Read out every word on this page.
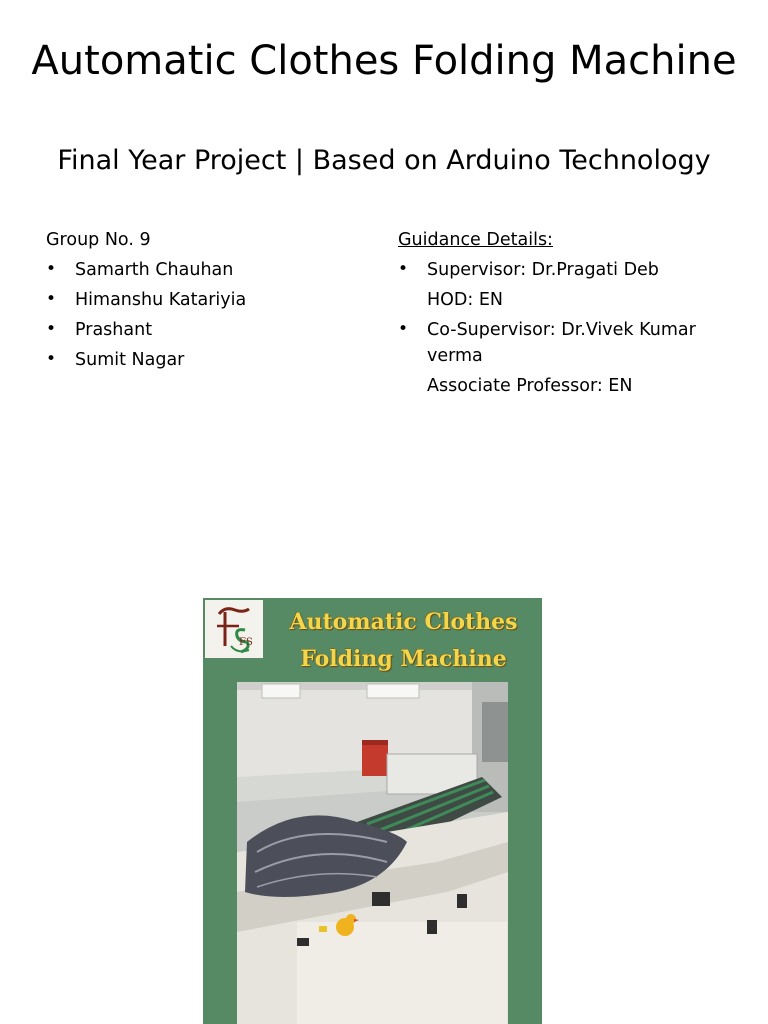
Automatic Clothes Folding Machine
Final Year Project | Based on Arduino Technology
Group No. 9
• Samarth Chauhan
• Himanshu Katariyia
• Prashant
• Sumit Nagar
Guidance Details:
• Supervisor: Dr.Pragati Deb
HOD: EN
• Co-Supervisor: Dr.Vivek Kumar verma
Associate Professor: EN
FS
Automatic Clothes
Folding Machine
